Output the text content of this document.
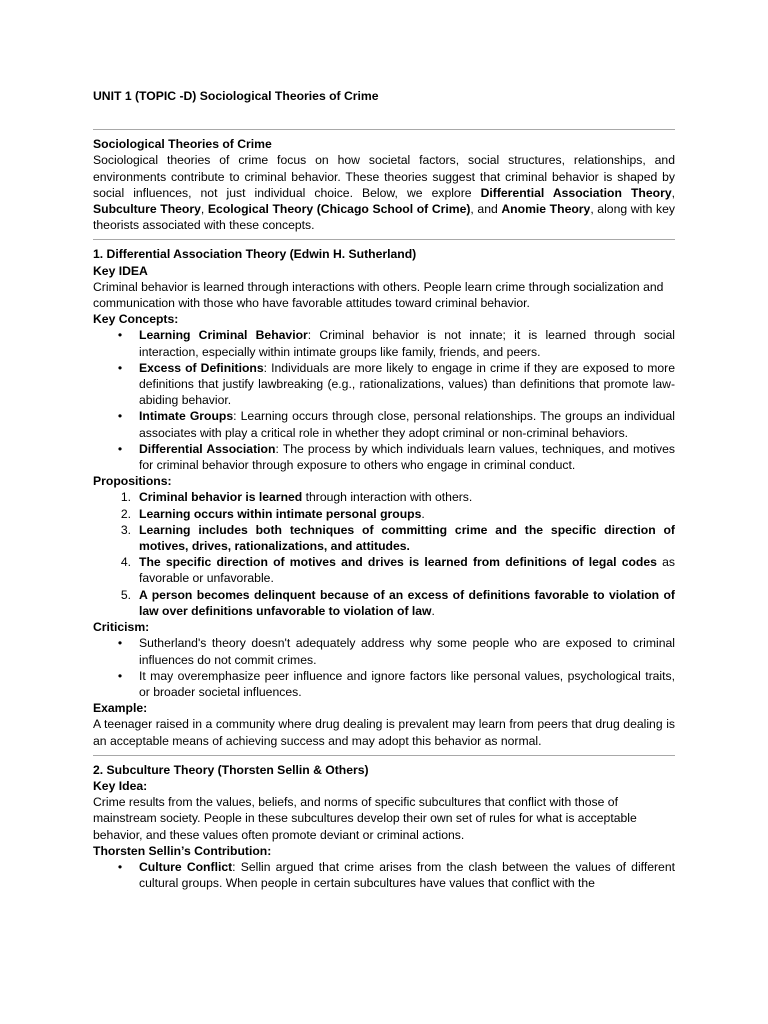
UNIT 1 (TOPIC -D) Sociological Theories of Crime

Sociological Theories of Crime

Sociological theories of crime focus on how societal factors, social structures, relationships, and environments contribute to criminal behavior. These theories suggest that criminal behavior is shaped by social influences, not just individual choice. Below, we explore Differential Association Theory, Subculture Theory, Ecological Theory (Chicago School of Crime), and Anomie Theory, along with key theorists associated with these concepts.

1. Differential Association Theory (Edwin H. Sutherland)

Key IDEA

Criminal behavior is learned through interactions with others. People learn crime through socialization and communication with those who have favorable attitudes toward criminal behavior.

Key Concepts:

• Learning Criminal Behavior: Criminal behavior is not innate; it is learned through social interaction, especially within intimate groups like family, friends, and peers.
• Excess of Definitions: Individuals are more likely to engage in crime if they are exposed to more definitions that justify lawbreaking (e.g., rationalizations, values) than definitions that promote law-abiding behavior.
• Intimate Groups: Learning occurs through close, personal relationships. The groups an individual associates with play a critical role in whether they adopt criminal or non-criminal behaviors.
• Differential Association: The process by which individuals learn values, techniques, and motives for criminal behavior through exposure to others who engage in criminal conduct.

Propositions:

1. Criminal behavior is learned through interaction with others.
2. Learning occurs within intimate personal groups.
3. Learning includes both techniques of committing crime and the specific direction of motives, drives, rationalizations, and attitudes.
4. The specific direction of motives and drives is learned from definitions of legal codes as favorable or unfavorable.
5. A person becomes delinquent because of an excess of definitions favorable to violation of law over definitions unfavorable to violation of law.

Criticism:

• Sutherland's theory doesn't adequately address why some people who are exposed to criminal influences do not commit crimes.
• It may overemphasize peer influence and ignore factors like personal values, psychological traits, or broader societal influences.

Example:

A teenager raised in a community where drug dealing is prevalent may learn from peers that drug dealing is an acceptable means of achieving success and may adopt this behavior as normal.

2. Subculture Theory (Thorsten Sellin & Others)

Key Idea:

Crime results from the values, beliefs, and norms of specific subcultures that conflict with those of mainstream society. People in these subcultures develop their own set of rules for what is acceptable behavior, and these values often promote deviant or criminal actions.

Thorsten Sellin’s Contribution:

• Culture Conflict: Sellin argued that crime arises from the clash between the values of different cultural groups. When people in certain subcultures have values that conflict with the
